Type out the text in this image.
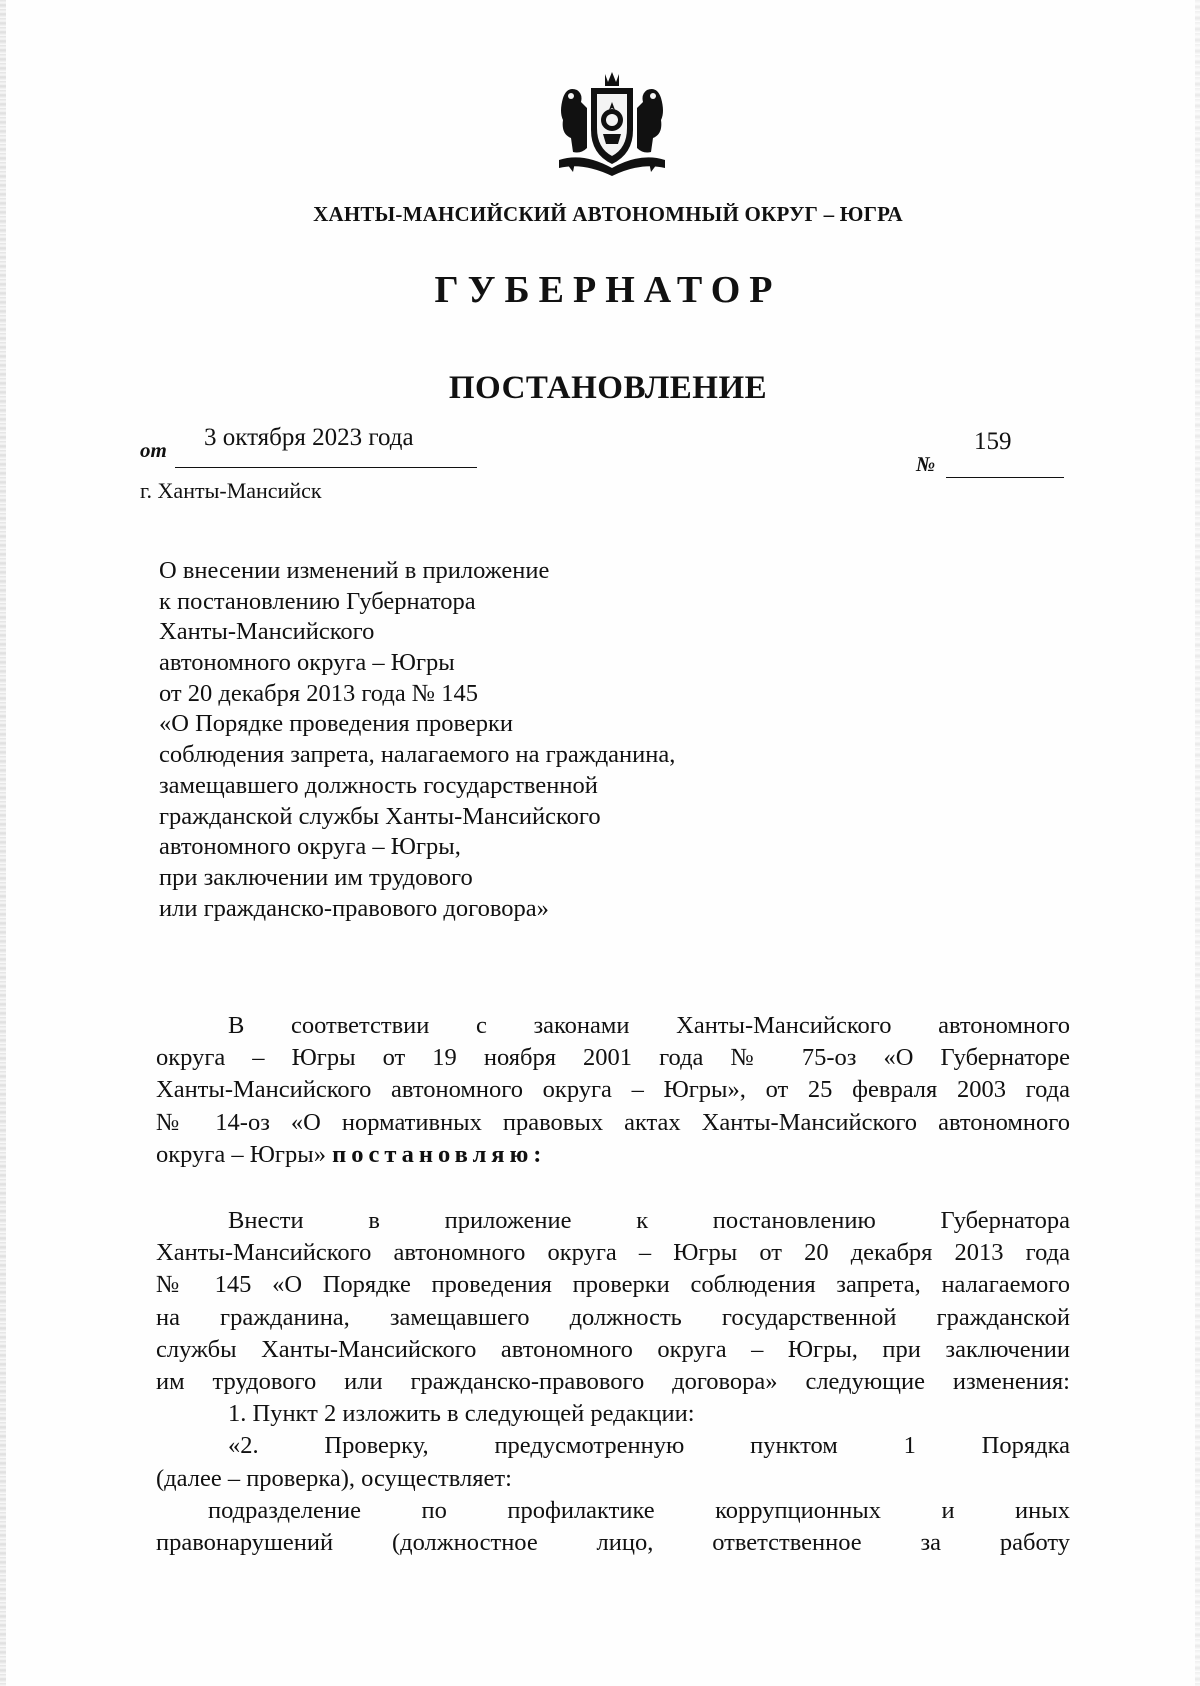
ХАНТЫ-МАНСИЙСКИЙ АВТОНОМНЫЙ ОКРУГ – ЮГРА
ГУБЕРНАТОР
ПОСТАНОВЛЕНИЕ
от 3 октября 2023 года
№
159
г. Ханты-Мансийск
О внесении изменений в приложение
к постановлению Губернатора
Ханты-Мансийского
автономного округа – Югры
от 20 декабря 2013 года № 145
«О Порядке проведения проверки
соблюдения запрета, налагаемого на гражданина,
замещавшего должность государственной
гражданской службы Ханты-Мансийского
автономного округа – Югры,
при заключении им трудового
или гражданско-правового договора»
В соответствии с законами Ханты-Мансийского автономного
округа – Югры от 19 ноября 2001 года № 75-оз «О Губернаторе
Ханты-Мансийского автономного округа – Югры», от 25 февраля 2003 года
№ 14-оз «О нормативных правовых актах Ханты-Мансийского автономного
округа – Югры» постановляю:
Внести в приложение к постановлению Губернатора
Ханты-Мансийского автономного округа – Югры от 20 декабря 2013 года
№ 145 «О Порядке проведения проверки соблюдения запрета, налагаемого
на гражданина, замещавшего должность государственной гражданской
службы Ханты-Мансийского автономного округа – Югры, при заключении
им трудового или гражданско-правового договора» следующие изменения:
1. Пункт 2 изложить в следующей редакции:
«2. Проверку, предусмотренную пунктом 1 Порядка
(далее – проверка), осуществляет:
подразделение по профилактике коррупционных и иных
правонарушений (должностное лицо, ответственное за работу
